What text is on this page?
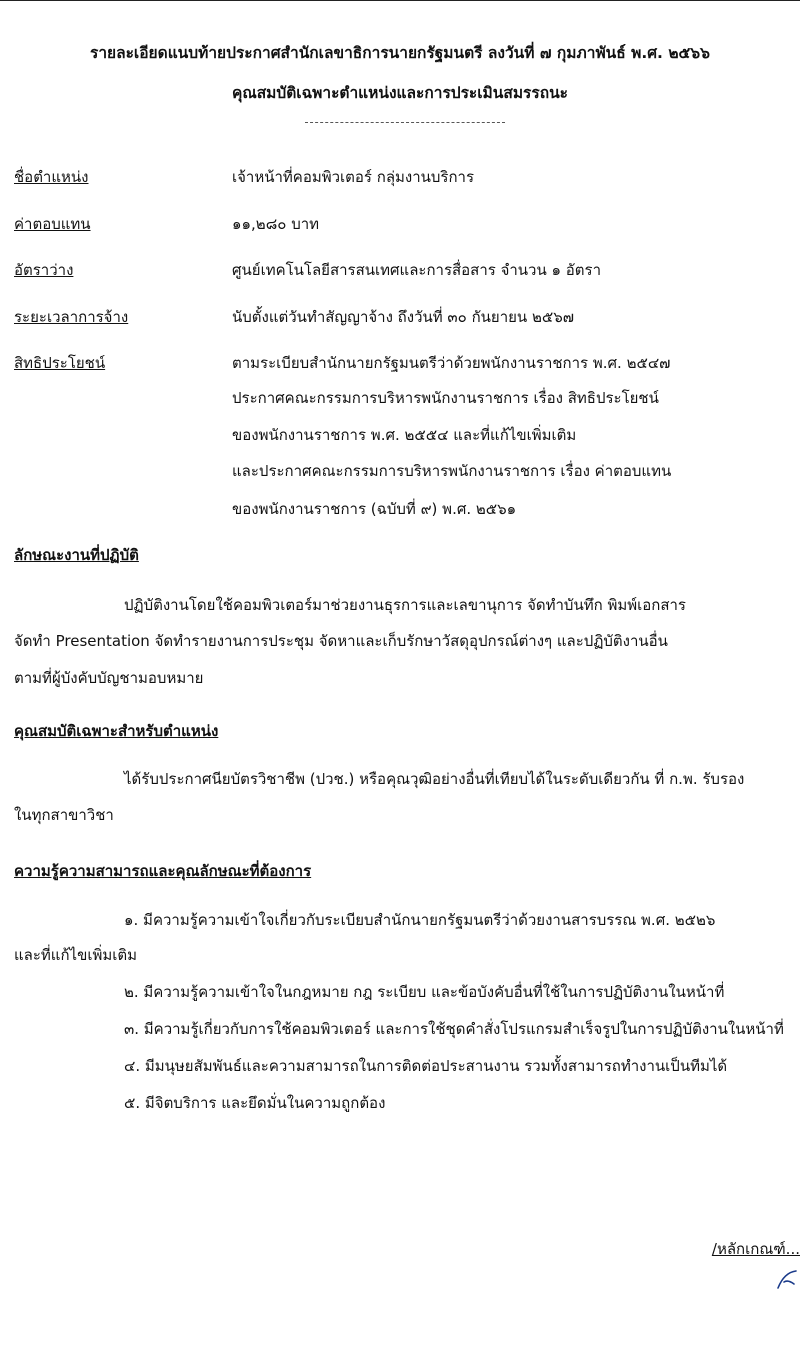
รายละเอียดแนบท้ายประกาศสำนักเลขาธิการนายกรัฐมนตรี ลงวันที่ ๗ กุมภาพันธ์ พ.ศ. ๒๕๖๖
คุณสมบัติเฉพาะตำแหน่งและการประเมินสมรรถนะ
ชื่อตำแหน่ง	เจ้าหน้าที่คอมพิวเตอร์ กลุ่มงานบริการ
ค่าตอบแทน	๑๑,๒๘๐ บาท
อัตราว่าง	ศูนย์เทคโนโลยีสารสนเทศและการสื่อสาร จำนวน ๑ อัตรา
ระยะเวลาการจ้าง	นับตั้งแต่วันทำสัญญาจ้าง ถึงวันที่ ๓๐ กันยายน ๒๕๖๗
สิทธิประโยชน์	ตามระเบียบสำนักนายกรัฐมนตรีว่าด้วยพนักงานราชการ พ.ศ. ๒๕๔๗
ประกาศคณะกรรมการบริหารพนักงานราชการ เรื่อง สิทธิประโยชน์
ของพนักงานราชการ พ.ศ. ๒๕๕๔ และที่แก้ไขเพิ่มเติม
และประกาศคณะกรรมการบริหารพนักงานราชการ เรื่อง ค่าตอบแทน
ของพนักงานราชการ (ฉบับที่ ๙) พ.ศ. ๒๕๖๑
ลักษณะงานที่ปฏิบัติ
ปฏิบัติงานโดยใช้คอมพิวเตอร์มาช่วยงานธุรการและเลขานุการ จัดทำบันทึก พิมพ์เอกสาร
จัดทำ Presentation จัดทำรายงานการประชุม จัดหาและเก็บรักษาวัสดุอุปกรณ์ต่างๆ และปฏิบัติงานอื่น
ตามที่ผู้บังคับบัญชามอบหมาย
คุณสมบัติเฉพาะสำหรับตำแหน่ง
ได้รับประกาศนียบัตรวิชาชีพ (ปวช.) หรือคุณวุฒิอย่างอื่นที่เทียบได้ในระดับเดียวกัน ที่ ก.พ. รับรอง
ในทุกสาขาวิชา
ความรู้ความสามารถและคุณลักษณะที่ต้องการ
๑. มีความรู้ความเข้าใจเกี่ยวกับระเบียบสำนักนายกรัฐมนตรีว่าด้วยงานสารบรรณ พ.ศ. ๒๕๒๖
และที่แก้ไขเพิ่มเติม
๒. มีความรู้ความเข้าใจในกฎหมาย กฎ ระเบียบ และข้อบังคับอื่นที่ใช้ในการปฏิบัติงานในหน้าที่
๓. มีความรู้เกี่ยวกับการใช้คอมพิวเตอร์ และการใช้ชุดคำสั่งโปรแกรมสำเร็จรูปในการปฏิบัติงานในหน้าที่
๔. มีมนุษยสัมพันธ์และความสามารถในการติดต่อประสานงาน รวมทั้งสามารถทำงานเป็นทีมได้
๕. มีจิตบริการ และยึดมั่นในความถูกต้อง
/หลักเกณฑ์...
